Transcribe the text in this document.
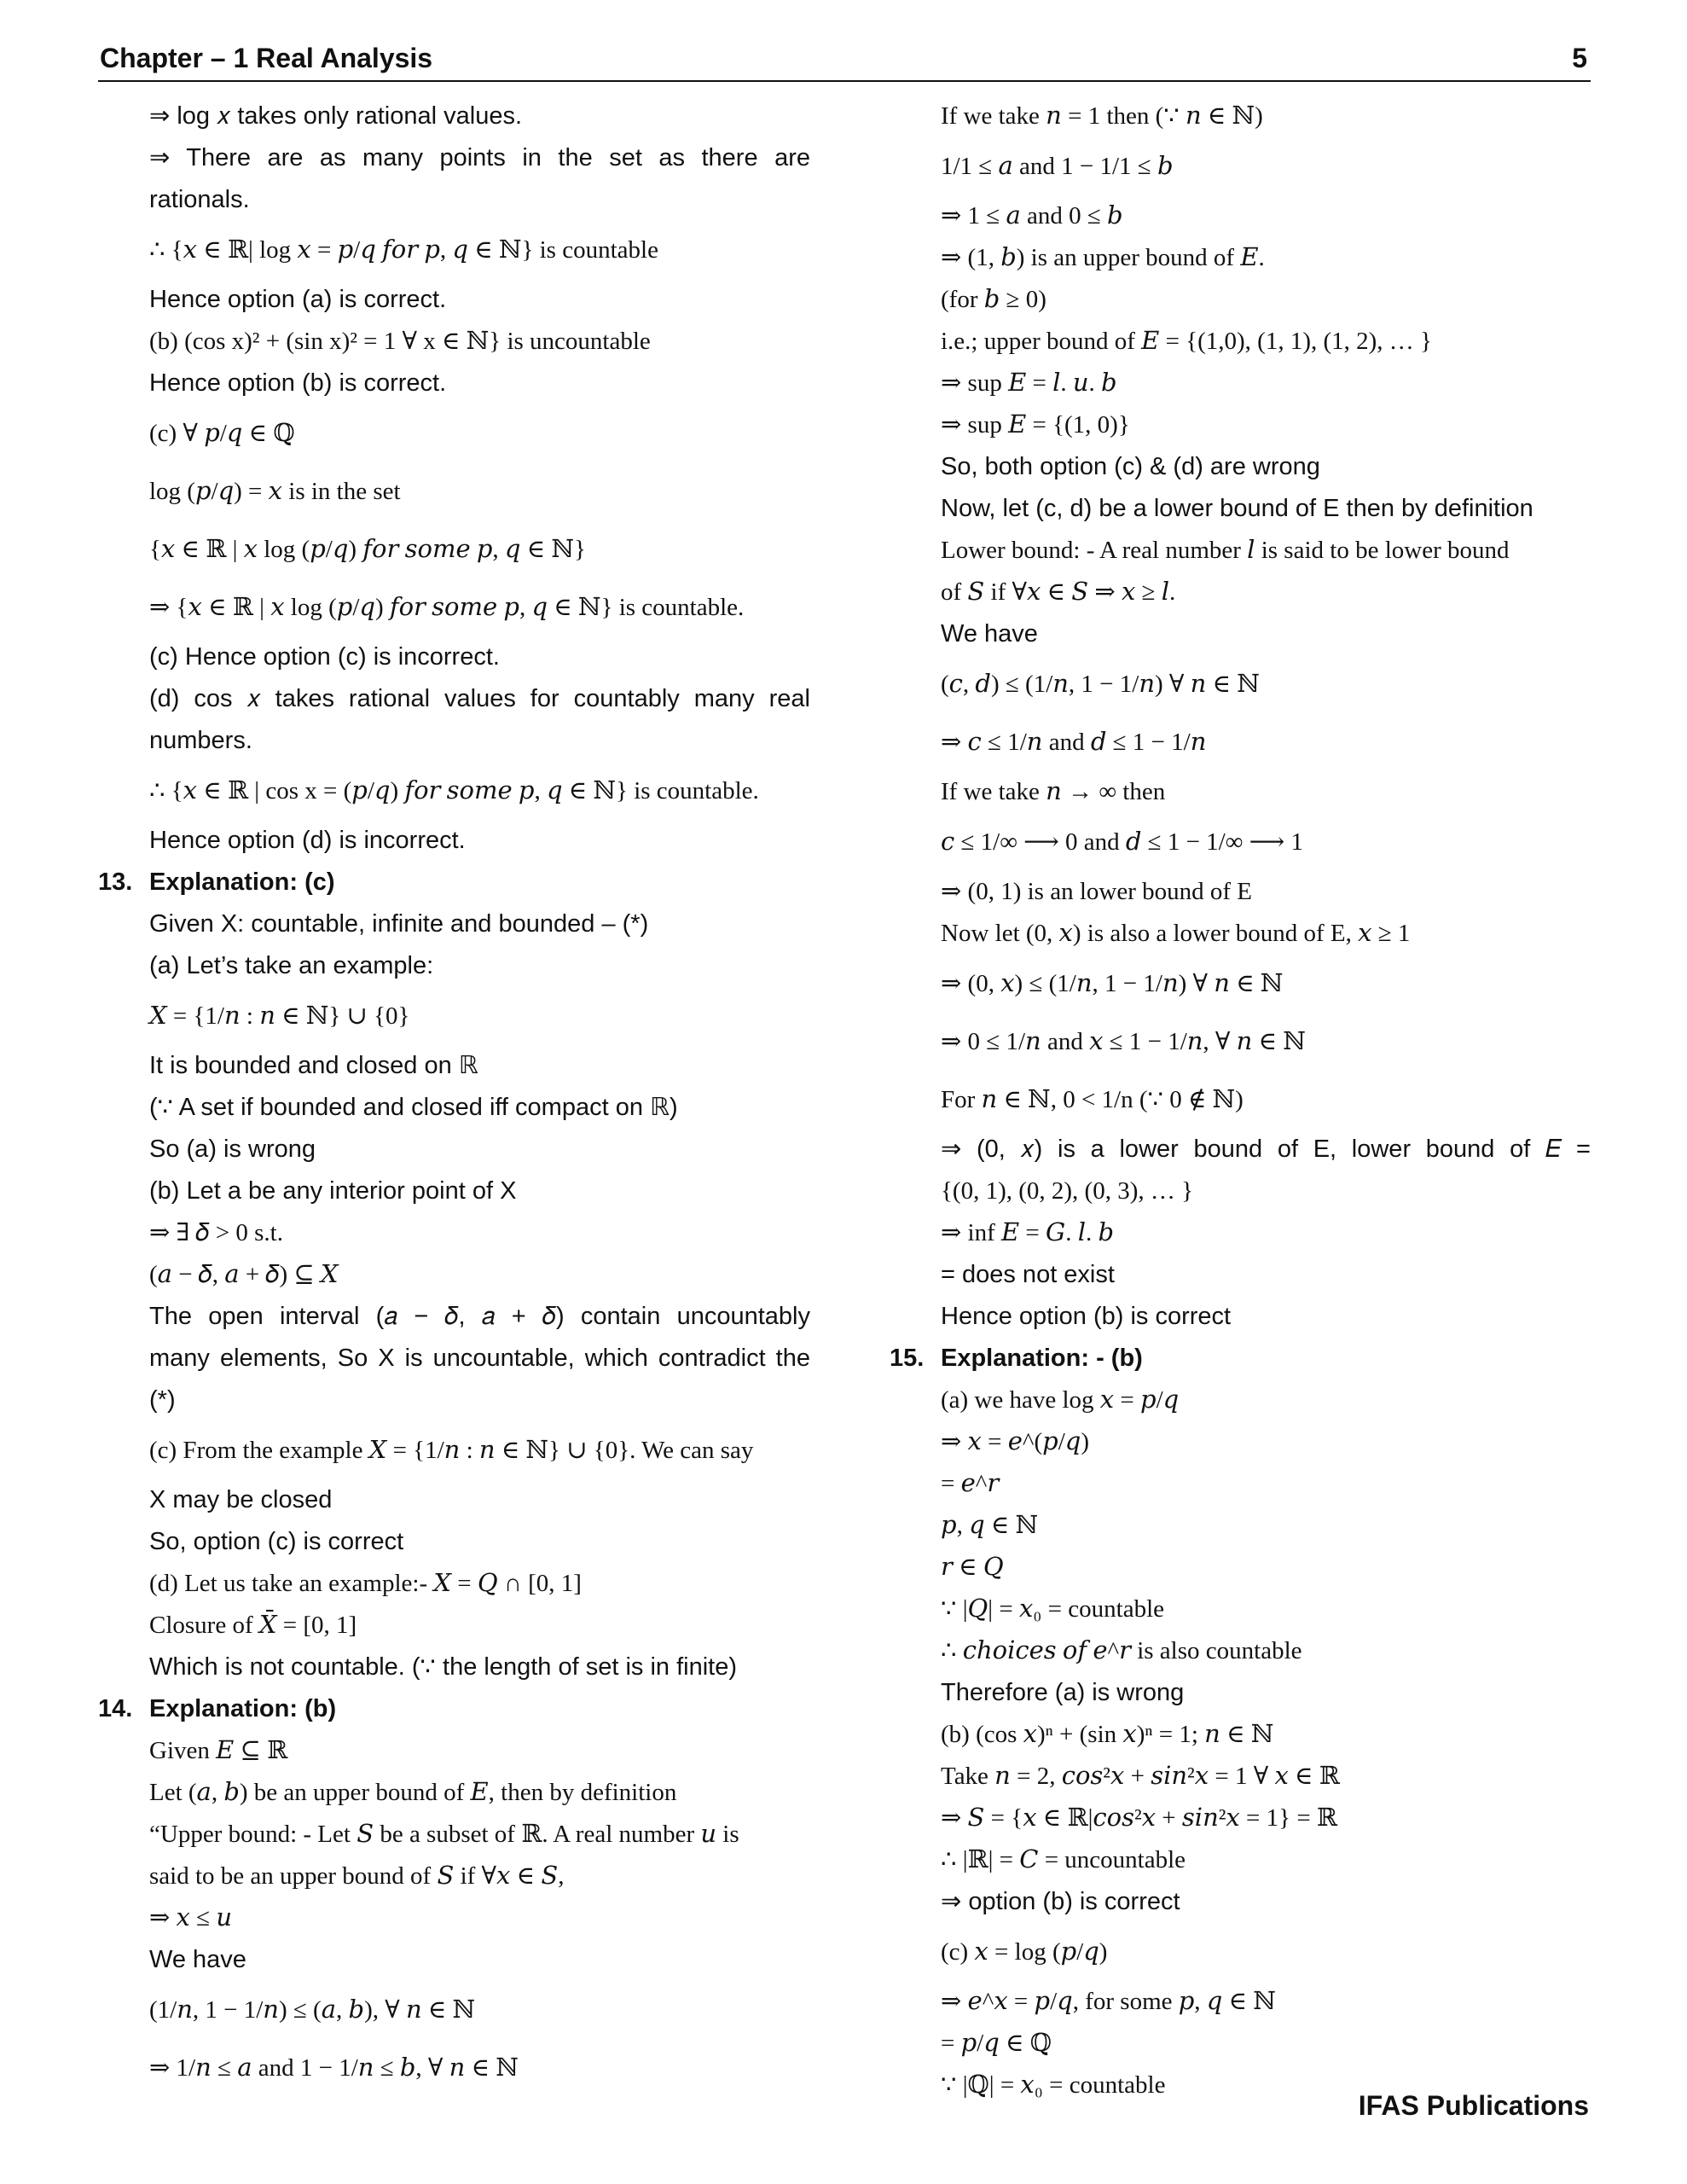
Chapter – 1 Real Analysis	5
⇒ log 𝑥 takes only rational values.
⇒ There are as many points in the set as there are
rationals.
∴ {𝑥 ∈ ℝ| log 𝑥 = 𝑝/𝑞 𝑓𝑜𝑟 𝑝, 𝑞 ∈ ℕ} is countable
Hence option (a) is correct.
(b) (cos x)² + (sin x)² = 1 ∀ x ∈ ℕ} is uncountable
Hence option (b) is correct.
(c) ∀ 𝑝/𝑞 ∈ ℚ
log (𝑝/𝑞) = 𝑥 is in the set
{𝑥 ∈ ℝ | 𝑥 log (𝑝/𝑞) 𝑓𝑜𝑟 𝑠𝑜𝑚𝑒 𝑝, 𝑞 ∈ ℕ}
⇒ {𝑥 ∈ ℝ | 𝑥 log (𝑝/𝑞) 𝑓𝑜𝑟 𝑠𝑜𝑚𝑒 𝑝, 𝑞 ∈ ℕ} is countable.
(c) Hence option (c) is incorrect.
(d) cos 𝑥 takes rational values for countably many real
numbers.
∴ {𝑥 ∈ ℝ | cos x = (𝑝/𝑞) 𝑓𝑜𝑟 𝑠𝑜𝑚𝑒 𝑝, 𝑞 ∈ ℕ} is countable.
Hence option (d) is incorrect.
13. Explanation: (c)
Given X: countable, infinite and bounded – (*)
(a) Let’s take an example:
𝑋 = {1/𝑛 : 𝑛 ∈ ℕ} ∪ {0}
It is bounded and closed on ℝ
(∵ A set if bounded and closed iff compact on ℝ)
So (a) is wrong
(b) Let a be any interior point of X
⇒ ∃ 𝛿 > 0 s.t.
(𝑎 − 𝛿, 𝑎 + 𝛿) ⊆ 𝑋
The open interval (𝑎 − 𝛿, 𝑎 + 𝛿) contain uncountably
many elements, So X is uncountable, which contradict the
(*)
(c) From the example 𝑋 = {1/𝑛 : 𝑛 ∈ ℕ} ∪ {0}. We can say
X may be closed
So, option (c) is correct
(d) Let us take an example:- 𝑋 = 𝑄 ∩ [0, 1]
Closure of 𝑋̄ = [0, 1]
Which is not countable. (∵ the length of set is in finite)
14. Explanation: (b)
Given 𝐸 ⊆ ℝ
Let (𝑎, 𝑏) be an upper bound of 𝐸, then by definition
“Upper bound: - Let 𝑆 be a subset of ℝ. A real number 𝑢 is
said to be an upper bound of 𝑆 if ∀𝑥 ∈ 𝑆,
⇒ 𝑥 ≤ 𝑢
We have
(1/𝑛, 1 − 1/𝑛) ≤ (𝑎, 𝑏), ∀ 𝑛 ∈ ℕ
⇒ 1/𝑛 ≤ 𝑎 and 1 − 1/𝑛 ≤ 𝑏, ∀ 𝑛 ∈ ℕ
If we take 𝑛 = 1 then (∵ 𝑛 ∈ ℕ)
1/1 ≤ 𝑎 and 1 − 1/1 ≤ 𝑏
⇒ 1 ≤ 𝑎 and 0 ≤ 𝑏
⇒ (1, 𝑏) is an upper bound of 𝐸.
(for 𝑏 ≥ 0)
i.e.; upper bound of 𝐸 = {(1,0), (1, 1), (1, 2), … }
⇒ sup 𝐸 = 𝑙. 𝑢. 𝑏
⇒ sup 𝐸 = {(1, 0)}
So, both option (c) & (d) are wrong
Now, let (c, d) be a lower bound of E then by definition
Lower bound: - A real number 𝑙 is said to be lower bound
of 𝑆 if ∀𝑥 ∈ 𝑆 ⇒ 𝑥 ≥ 𝑙.
We have
(𝑐, 𝑑) ≤ (1/𝑛, 1 − 1/𝑛) ∀ 𝑛 ∈ ℕ
⇒ 𝑐 ≤ 1/𝑛 and 𝑑 ≤ 1 − 1/𝑛
If we take 𝑛 → ∞ then
𝑐 ≤ 1/∞ ⟶ 0 and 𝑑 ≤ 1 − 1/∞ ⟶ 1
⇒ (0, 1) is an lower bound of E
Now let (0, 𝑥) is also a lower bound of E, 𝑥 ≥ 1
⇒ (0, 𝑥) ≤ (1/𝑛, 1 − 1/𝑛) ∀ 𝑛 ∈ ℕ
⇒ 0 ≤ 1/𝑛 and 𝑥 ≤ 1 − 1/𝑛, ∀ 𝑛 ∈ ℕ
For 𝑛 ∈ ℕ, 0 < 1/n (∵ 0 ∉ ℕ)
⇒ (0, 𝑥) is a lower bound of E, lower bound of 𝐸 =
{(0, 1), (0, 2), (0, 3), … }
⇒ inf 𝐸 = 𝐺. 𝑙. 𝑏
= does not exist
Hence option (b) is correct
15. Explanation: - (b)
(a) we have log 𝑥 = 𝑝/𝑞
⇒ 𝑥 = 𝑒^(𝑝/𝑞)
= 𝑒^𝑟
𝑝, 𝑞 ∈ ℕ
𝑟 ∈ 𝑄
∵ |𝑄| = 𝑥₀ = countable
∴ 𝑐ℎ𝑜𝑖𝑐𝑒𝑠 𝑜𝑓 𝑒^𝑟 is also countable
Therefore (a) is wrong
(b) (cos 𝑥)ⁿ + (sin 𝑥)ⁿ = 1; 𝑛 ∈ ℕ
Take 𝑛 = 2, 𝑐𝑜𝑠²𝑥 + 𝑠𝑖𝑛²𝑥 = 1 ∀ 𝑥 ∈ ℝ
⇒ 𝑆 = {𝑥 ∈ ℝ|𝑐𝑜𝑠²𝑥 + 𝑠𝑖𝑛²𝑥 = 1} = ℝ
∴ |ℝ| = 𝐶 = uncountable
⇒ option (b) is correct
(c) 𝑥 = log (𝑝/𝑞)
⇒ 𝑒^𝑥 = 𝑝/𝑞, for some 𝑝, 𝑞 ∈ ℕ
= 𝑝/𝑞 ∈ ℚ
∵ |ℚ| = 𝑥₀ = countable
IFAS Publications
